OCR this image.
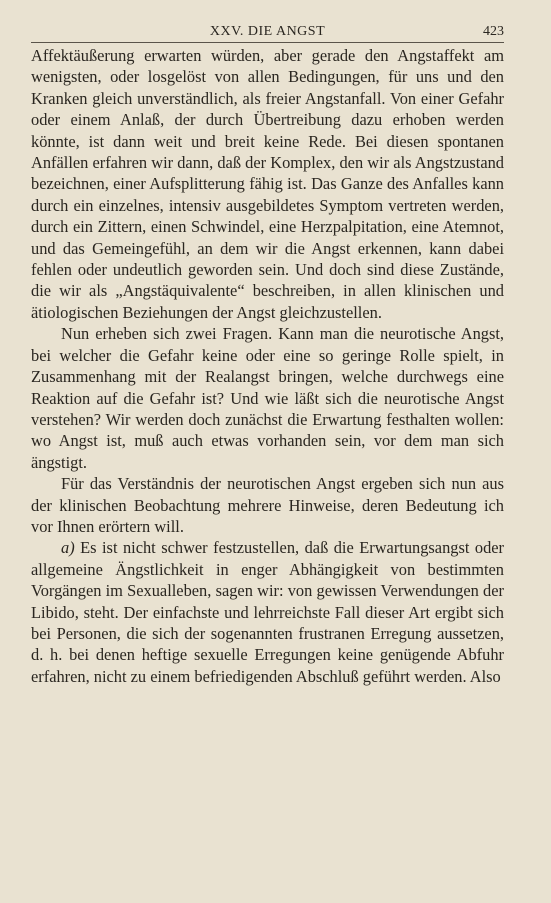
XXV. DIE ANGST	423

Affektäußerung erwarten würden, aber gerade den Angstaffekt am wenigsten, oder losgelöst von allen Bedingungen, für uns und den Kranken gleich unverständlich, als freier Angstanfall. Von einer Gefahr oder einem Anlaß, der durch Übertreibung dazu erhoben werden könnte, ist dann weit und breit keine Rede. Bei diesen spontanen Anfällen erfahren wir dann, daß der Komplex, den wir als Angstzustand bezeichnen, einer Aufsplitterung fähig ist. Das Ganze des Anfalles kann durch ein einzelnes, intensiv ausgebildetes Symptom vertreten werden, durch ein Zittern, einen Schwindel, eine Herzpalpitation, eine Atemnot, und das Gemeingefühl, an dem wir die Angst erkennen, kann dabei fehlen oder undeutlich geworden sein. Und doch sind diese Zustände, die wir als „Angstäquivalente“ beschreiben, in allen klinischen und ätiologischen Beziehungen der Angst gleichzustellen.

Nun erheben sich zwei Fragen. Kann man die neurotische Angst, bei welcher die Gefahr keine oder eine so geringe Rolle spielt, in Zusammenhang mit der Realangst bringen, welche durchwegs eine Reaktion auf die Gefahr ist? Und wie läßt sich die neurotische Angst verstehen? Wir werden doch zunächst die Erwartung festhalten wollen: wo Angst ist, muß auch etwas vorhanden sein, vor dem man sich ängstigt.

Für das Verständnis der neurotischen Angst ergeben sich nun aus der klinischen Beobachtung mehrere Hinweise, deren Bedeutung ich vor Ihnen erörtern will.

a) Es ist nicht schwer festzustellen, daß die Erwartungsangst oder allgemeine Ängstlichkeit in enger Abhängigkeit von bestimmten Vorgängen im Sexualleben, sagen wir: von gewissen Verwendungen der Libido, steht. Der einfachste und lehrreichste Fall dieser Art ergibt sich bei Personen, die sich der sogenannten frustranen Erregung aussetzen, d. h. bei denen heftige sexuelle Erregungen keine genügende Abfuhr erfahren, nicht zu einem befriedigenden Abschluß geführt werden. Also
